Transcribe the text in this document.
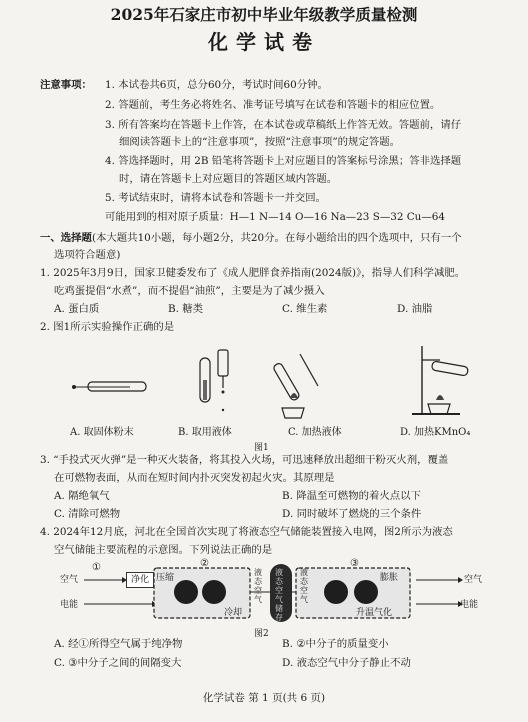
2025年石家庄市初中毕业年级教学质量检测
化学试卷
注意事项： 1. 本试卷共6页，总分60分，考试时间60分钟。
2. 答题前，考生务必将姓名、准考证号填写在试卷和答题卡的相应位置。
3. 所有答案均在答题卡上作答，在本试卷或草稿纸上作答无效。答题前，请仔
细阅读答题卡上的“注意事项”，按照“注意事项”的规定答题。
4. 答选择题时，用 2B 铅笔将答题卡上对应题目的答案标号涂黑；答非选择题
时，请在答题卡上对应题目的答题区域内答题。
5. 考试结束时，请将本试卷和答题卡一并交回。
可能用到的相对原子质量：H—1 N—14 O—16 Na—23 S—32 Cu—64
一、选择题(本大题共10小题，每小题2分，共20分。在每小题给出的四个选项中，只有一个
选项符合题意)
1. 2025年3月9日，国家卫健委发布了《成人肥胖食养指南(2024版)》，指导人们科学减肥。
吃鸡蛋提倡“水煮”，而不提倡“油煎”，主要是为了减少摄入
A. 蛋白质	B. 糖类	C. 维生素	D. 油脂
2. 图1所示实验操作正确的是
A. 取固体粉末	B. 取用液体	C. 加热液体	D. 加热KMnO₄
图1
3. “手投式灭火弹”是一种灭火装备，将其投入火场，可迅速释放出超细干粉灭火剂，覆盖
在可燃物表面，从而在短时间内扑灭突发初起火灾。其原理是
A. 隔绝氧气	B. 降温至可燃物的着火点以下
C. 清除可燃物	D. 同时破坏了燃烧的三个条件
4. 2024年12月底，河北在全国首次实现了将液态空气储能装置接入电网，图2所示为液态
空气储能主要流程的示意图。下列说法正确的是
①	②	③
空气
电能
净化 压缩
冷却
液态空气
液态空气储存
液态空气
膨胀
升温气化
空气
电能
图2
A. 经①所得空气属于纯净物	B. ②中分子的质量变小
C. ③中分子之间的间隔变大	D. 液态空气中分子静止不动
化学试卷 第 1 页(共 6 页)
